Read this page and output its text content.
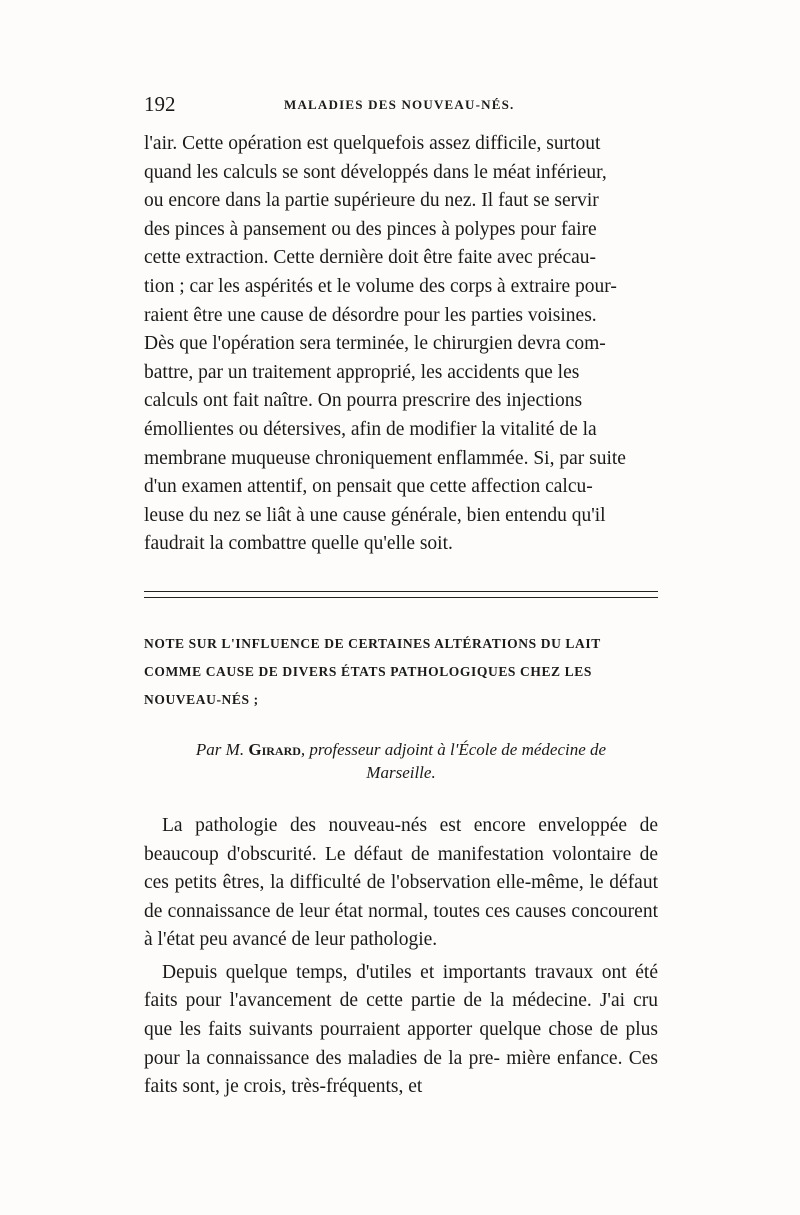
192	MALADIES DES NOUVEAU-NÉS.

l'air. Cette opération est quelquefois assez difficile, surtout

quand les calculs se sont développés dans le méat inférieur,

ou encore dans la partie supérieure du nez. Il faut se servir

des pinces à pansement ou des pinces à polypes pour faire

cette extraction. Cette dernière doit être faite avec précau-

tion ; car les aspérités et le volume des corps à extraire pour-

raient être une cause de désordre pour les parties voisines.

Dès que l'opération sera terminée, le chirurgien devra com-

battre, par un traitement approprié, les accidents que les

calculs ont fait naître. On pourra prescrire des injections

émollientes ou détersives, afin de modifier la vitalité de la

membrane muqueuse chroniquement enflammée. Si, par suite

d'un examen attentif, on pensait que cette affection calcu-

leuse du nez se liât à une cause générale, bien entendu qu'il

faudrait la combattre quelle qu'elle soit.

NOTE SUR L'INFLUENCE DE CERTAINES ALTÉRATIONS DU LAIT
COMME CAUSE DE DIVERS ÉTATS PATHOLOGIQUES CHEZ LES
NOUVEAU-NÉS ;
Par M. Girard, professeur adjoint à l'École de médecine de
Marseille.

La pathologie des nouveau-nés est encore enveloppée de beaucoup d'obscurité. Le défaut de manifestation volontaire de ces petits êtres, la difficulté de l'observation elle-même, le défaut de connaissance de leur état normal, toutes ces causes concourent à l'état peu avancé de leur pathologie.

Depuis quelque temps, d'utiles et importants travaux ont été faits pour l'avancement de cette partie de la médecine. J'ai cru que les faits suivants pourraient apporter quelque chose de plus pour la connaissance des maladies de la pre- mière enfance. Ces faits sont, je crois, très-fréquents, et
